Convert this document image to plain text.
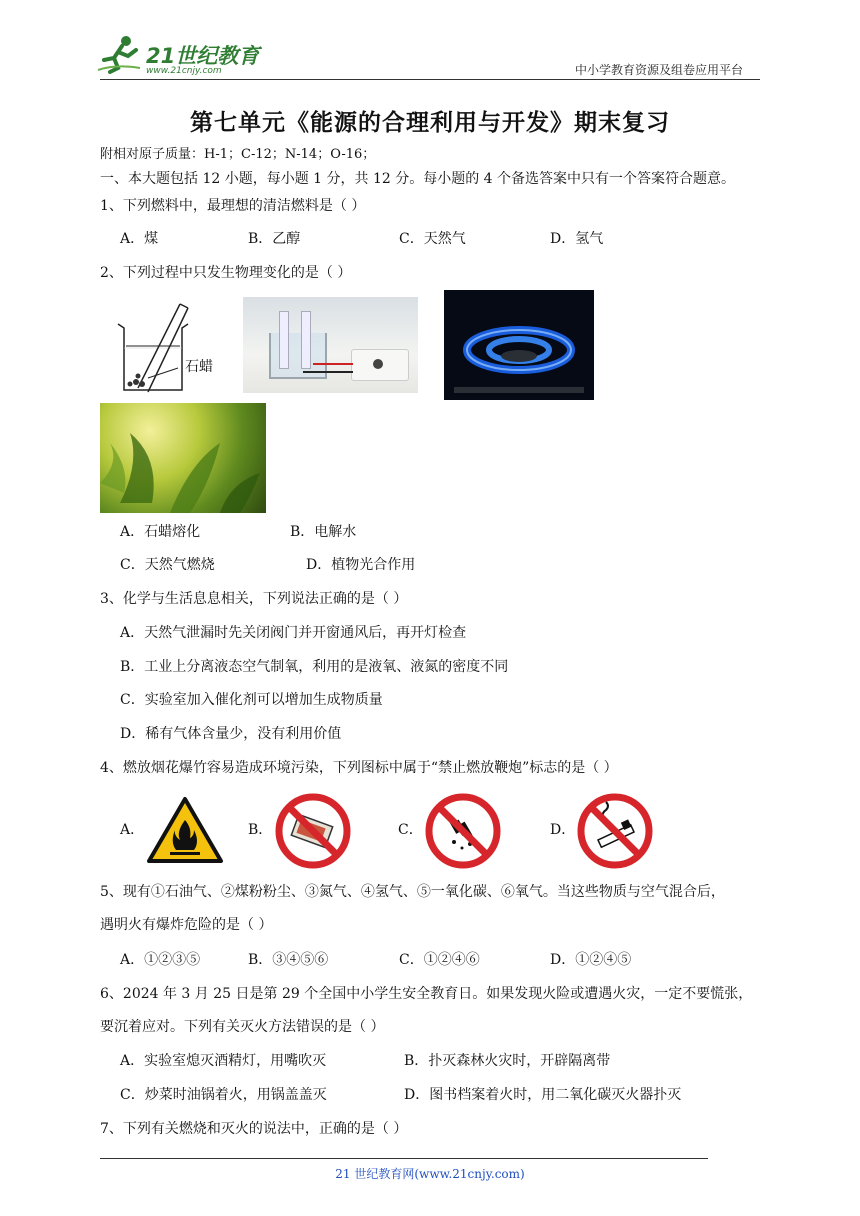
21世纪教育
www.21cnjy.com	中小学教育资源及组卷应用平台
第七单元《能源的合理利用与开发》期末复习
附相对原子质量：H-1；C-12；N-14；O-16；
一、本大题包括 12 小题，每小题 1 分，共 12 分。每小题的 4 个备选答案中只有一个答案符合题意。
1、下列燃料中，最理想的清洁燃料是（ ）
A．煤	B．乙醇	C．天然气	D．氢气
2、下列过程中只发生物理变化的是（ ）
石蜡
A．石蜡熔化	B．电解水
C．天然气燃烧	D．植物光合作用
3、化学与生活息息相关，下列说法正确的是（ ）
A．天然气泄漏时先关闭阀门并开窗通风后，再开灯检查
B．工业上分离液态空气制氧，利用的是液氧、液氮的密度不同
C．实验室加入催化剂可以增加生成物质量
D．稀有气体含量少，没有利用价值
4、燃放烟花爆竹容易造成环境污染，下列图标中属于“禁止燃放鞭炮”标志的是（ ）
A．	B．	C．	D．
5、现有①石油气、②煤粉粉尘、③氮气、④氢气、⑤一氧化碳、⑥氧气。当这些物质与空气混合后，
遇明火有爆炸危险的是（ ）
A．①②③⑤	B．③④⑤⑥	C．①②④⑥	D．①②④⑤
6、2024 年 3 月 25 日是第 29 个全国中小学生安全教育日。如果发现火险或遭遇火灾，一定不要慌张，
要沉着应对。下列有关灭火方法错误的是（ ）
A．实验室熄灭酒精灯，用嘴吹灭	B．扑灭森林火灾时，开辟隔离带
C．炒菜时油锅着火，用锅盖盖灭	D．图书档案着火时，用二氧化碳灭火器扑灭
7、下列有关燃烧和灭火的说法中，正确的是（ ）
21 世纪教育网(www.21cnjy.com)
